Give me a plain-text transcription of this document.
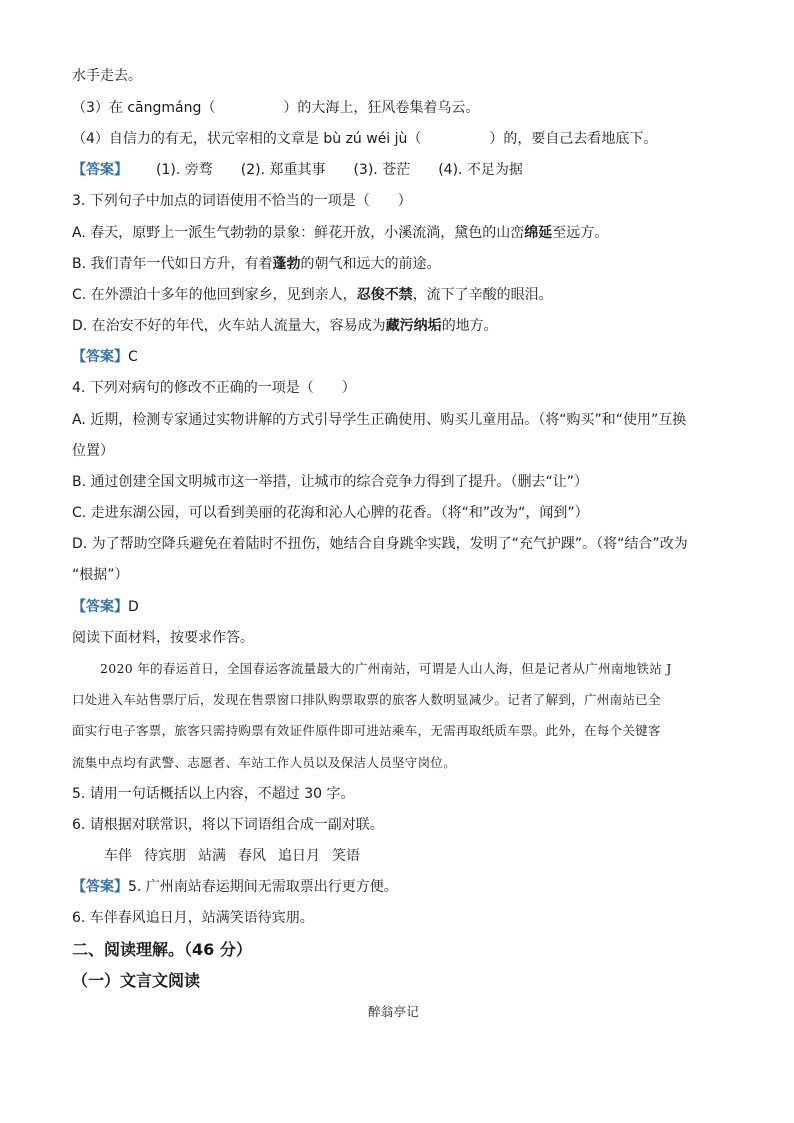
水手走去。
（3）在 cāngmáng（	）的大海上，狂风卷集着乌云。
（4）自信力的有无，状元宰相的文章是 bù zú wéi jù（	）的，要自己去看地底下。
【答案】 (1). 旁骛 (2). 郑重其事 (3). 苍茫 (4). 不足为据
3. 下列句子中加点的词语使用不恰当的一项是（　　）
A. 春天，原野上一派生气勃勃的景象：鲜花开放，小溪流淌，黛色的山峦绵延至远方。
B. 我们青年一代如日方升，有着蓬勃的朝气和远大的前途。
C. 在外漂泊十多年的他回到家乡，见到亲人，忍俊不禁，流下了辛酸的眼泪。
D. 在治安不好的年代，火车站人流量大，容易成为藏污纳垢的地方。
【答案】C
4. 下列对病句的修改不正确的一项是（　　）
A. 近期，检测专家通过实物讲解的方式引导学生正确使用、购买儿童用品。（将“购买”和“使用”互换
位置）
B. 通过创建全国文明城市这一举措，让城市的综合竞争力得到了提升。（删去“让”）
C. 走进东湖公园，可以看到美丽的花海和沁人心脾的花香。（将“和”改为“，闻到”）
D. 为了帮助空降兵避免在着陆时不扭伤，她结合自身跳伞实践，发明了“充气护踝”。（将“结合”改为
“根据”）
【答案】D
阅读下面材料，按要求作答。
2020 年的春运首日，全国春运客流量最大的广州南站，可谓是人山人海，但是记者从广州南地铁站 J
口处进入车站售票厅后，发现在售票窗口排队购票取票的旅客人数明显减少。记者了解到，广州南站已全
面实行电子客票，旅客只需持购票有效证件原件即可进站乘车，无需再取纸质车票。此外，在每个关键客
流集中点均有武警、志愿者、车站工作人员以及保洁人员坚守岗位。
5. 请用一句话概括以上内容，不超过 30 字。
6. 请根据对联常识，将以下词语组合成一副对联。
车伴 待宾朋 站满 春风 追日月 笑语
【答案】5. 广州南站春运期间无需取票出行更方便。
6. 车伴春风追日月，站满笑语待宾朋。
二、阅读理解。（46 分）
（一）文言文阅读
醉翁亭记
